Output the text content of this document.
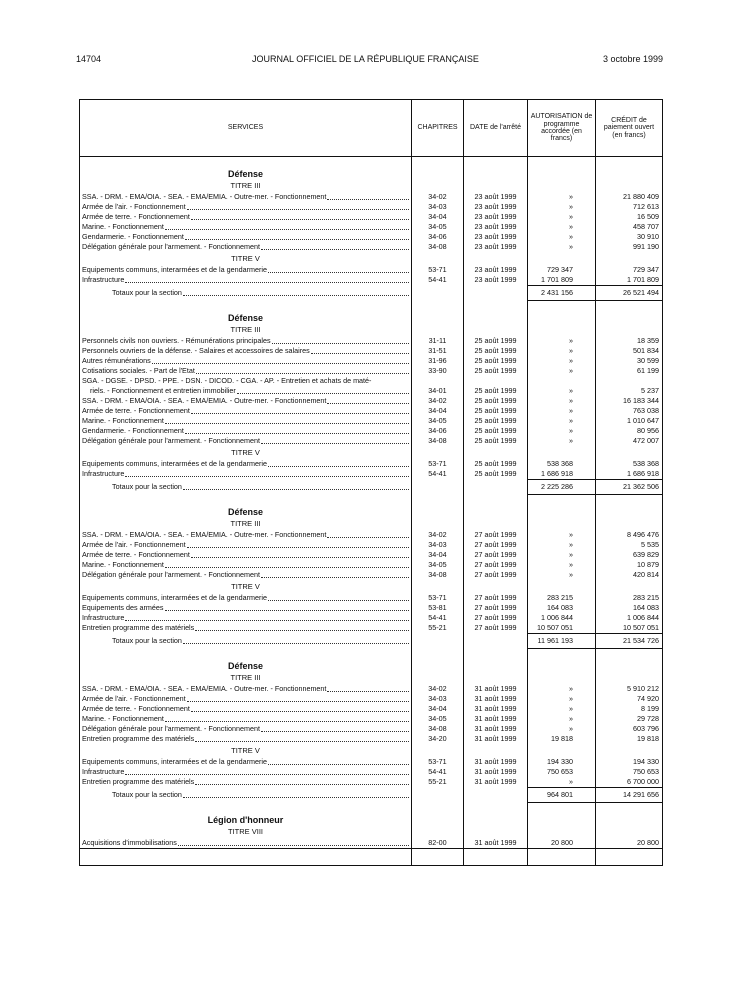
14704	JOURNAL OFFICIEL DE LA RÉPUBLIQUE FRANÇAISE	3 octobre 1999
SERVICES	CHAPITRES	DATE de l'arrêté	AUTORISATION de programme accordée (en francs)	CRÉDIT de paiement ouvert (en francs)
Défense				
TITRE III				

SSA. - DRM. - EMA/OIA. - SEA. - EMA/EMIA. - Outre-mer. - Fonctionnement	34-02	23 août 1999	»	21 880 409

Armée de l'air. - Fonctionnement	34-03	23 août 1999	»	712 613

Armée de terre. - Fonctionnement	34-04	23 août 1999	»	16 509

Marine. - Fonctionnement	34-05	23 août 1999	»	458 707

Gendarmerie. - Fonctionnement	34-06	23 août 1999	»	30 910

Délégation générale pour l'armement. - Fonctionnement	34-08	23 août 1999	»	991 190
TITRE V				

Equipements communs, interarmées et de la gendarmerie	53-71	23 août 1999	729 347	729 347

Infrastructure	54-41	23 août 1999	1 701 809	1 701 809

Totaux pour la section			2 431 156	26 521 494
Défense				
TITRE III				

Personnels civils non ouvriers. - Rémunérations principales	31-11	25 août 1999	»	18 359

Personnels ouvriers de la défense. - Salaires et accessoires de salaires	31-51	25 août 1999	»	501 834

Autres rémunérations	31-96	25 août 1999	»	30 599

Cotisations sociales. - Part de l'Etat	33-90	25 août 1999	»	61 199

SGA. - DGSE. - DPSD. - PPE. - DSN. - DICOD. - CGA. - AP. - Entretien et achats de maté-
riels. - Fonctionnement et entretien immobilier	34-01	25 août 1999	»	5 237

SSA. - DRM. - EMA/OIA. - SEA. - EMA/EMIA. - Outre-mer. - Fonctionnement	34-02	25 août 1999	»	16 183 344

Armée de terre. - Fonctionnement	34-04	25 août 1999	»	763 038

Marine. - Fonctionnement	34-05	25 août 1999	»	1 010 647

Gendarmerie. - Fonctionnement	34-06	25 août 1999	»	80 956

Délégation générale pour l'armement. - Fonctionnement	34-08	25 août 1999	»	472 007
TITRE V				

Equipements communs, interarmées et de la gendarmerie	53-71	25 août 1999	538 368	538 368

Infrastructure	54-41	25 août 1999	1 686 918	1 686 918

Totaux pour la section			2 225 286	21 362 506
Défense				
TITRE III				

SSA. - DRM. - EMA/OIA. - SEA. - EMA/EMIA. - Outre-mer. - Fonctionnement	34-02	27 août 1999	»	8 496 476

Armée de l'air. - Fonctionnement	34-03	27 août 1999	»	5 535

Armée de terre. - Fonctionnement	34-04	27 août 1999	»	639 829

Marine. - Fonctionnement	34-05	27 août 1999	»	10 879

Délégation générale pour l'armement. - Fonctionnement	34-08	27 août 1999	»	420 814
TITRE V				

Equipements communs, interarmées et de la gendarmerie	53-71	27 août 1999	283 215	283 215

Equipements des armées	53-81	27 août 1999	164 083	164 083

Infrastructure	54-41	27 août 1999	1 006 844	1 006 844

Entretien programme des matériels	55-21	27 août 1999	10 507 051	10 507 051

Totaux pour la section			11 961 193	21 534 726
Défense				
TITRE III				

SSA. - DRM. - EMA/OIA. - SEA. - EMA/EMIA. - Outre-mer. - Fonctionnement	34-02	31 août 1999	»	5 910 212

Armée de l'air. - Fonctionnement	34-03	31 août 1999	»	74 920

Armée de terre. - Fonctionnement	34-04	31 août 1999	»	8 199

Marine. - Fonctionnement	34-05	31 août 1999	»	29 728

Délégation générale pour l'armement. - Fonctionnement	34-08	31 août 1999	»	603 796

Entretien programme des matériels	34-20	31 août 1999	19 818	19 818
TITRE V				

Equipements communs, interarmées et de la gendarmerie	53-71	31 août 1999	194 330	194 330

Infrastructure	54-41	31 août 1999	750 653	750 653

Entretien programme des matériels	55-21	31 août 1999	»	6 700 000

Totaux pour la section			964 801	14 291 656
Légion d'honneur				
TITRE VIII				

Acquisitions d'immobilisations	82-00	31 août 1999	20 800	20 800
